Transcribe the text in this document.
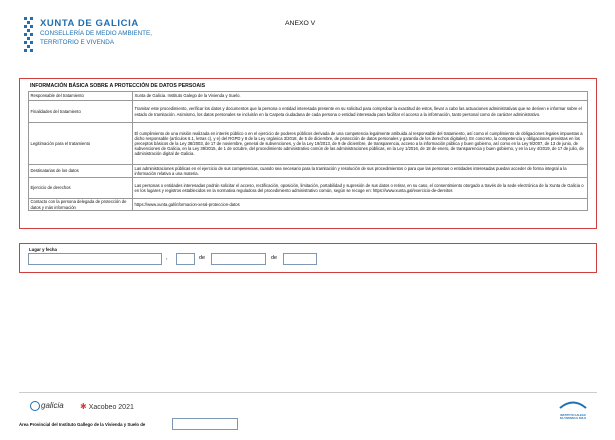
XUNTA DE GALICIA
CONSELLERÍA DE MEDIO AMBIENTE,
TERRITORIO E VIVENDA
ANEXO V
INFORMACIÓN BÁSICA SOBRE A PROTECCIÓN DE DATOS PERSOAIS
Responsable del tratamiento	Xunta de Galicia. Instituto Galego de la Vivienda y Suelo.
Finalidades del tratamiento	Tramitar este procedimiento, verificar los datos y documentos que la persona o entidad interesada presente en su solicitud para comprobar la exactitud de estos, llevar a cabo las actuaciones administrativas que se deriven e informar sobre el estado de tramitación. Asimismo, los datos personales se incluirán en la Carpeta ciudadana de cada persona o entidad interesada para facilitar el acceso a la información, tanto personal como de carácter administrativo.
Legitimación para el tratamiento	El cumplimiento de una misión realizada en interés público o en el ejercicio de poderes públicos derivada de una competencia legalmente atribuida al responsable del tratamiento, así como el cumplimiento de obligaciones legales impuestas a dicho responsable (artículos 6.1, letras c), y e) del RGPD y 8 de la Ley orgánica 3/2018, de 5 de diciembre, de protección de datos personales y garantía de los derechos digitales). En concreto, la competencia y obligaciones previstas en los preceptos básicos de la Ley 38/2003, de 17 de noviembre, general de subvenciones, y de la Ley 19/2013, de 9 de diciembre, de transparencia, acceso a la información pública y buen gobierno, así como en la Ley 9/2007, de 13 de junio, de subvenciones de Galicia, en la Ley 39/2015, de 1 de octubre, del procedimiento administrativo común de las administraciones públicas, en la Ley 1/2016, de 18 de enero, de transparencia y buen gobierno, y en la Ley 4/2019, de 17 de julio, de administración digital de Galicia.
Destinatarias de los datos	Las administraciones públicas en el ejercicio de sus competencias, cuando sea necesario para la tramitación y resolución de sus procedimientos o para que las personas o entidades interesadas puedan acceder de forma integral a la información relativa a una materia.
Ejercicio de derechos	Las personas o entidades interesadas podrán solicitar el acceso, rectificación, oposición, limitación, portabilidad y supresión de sus datos o retirar, en su caso, el consentimiento otorgado a través de la sede electrónica de la Xunta de Galicia o en los lugares y registros establecidos en la normativa reguladora del procedimiento administrativo común, según se recoge en: https://www.xunta.gal/exercicio-de-dereitos
Contacto con la persona delegada de protección de datos y más información	https://www.xunta.gal/informacion-xeral-proteccion-datos
Lugar y fecha
,	de	de
galicia ✱ Xacobeo 2021
INSTITUTO GALEGO
DA VIVENDA E SOLO
Área Provincial del Instituto Gallego de la Vivienda y Suelo de
